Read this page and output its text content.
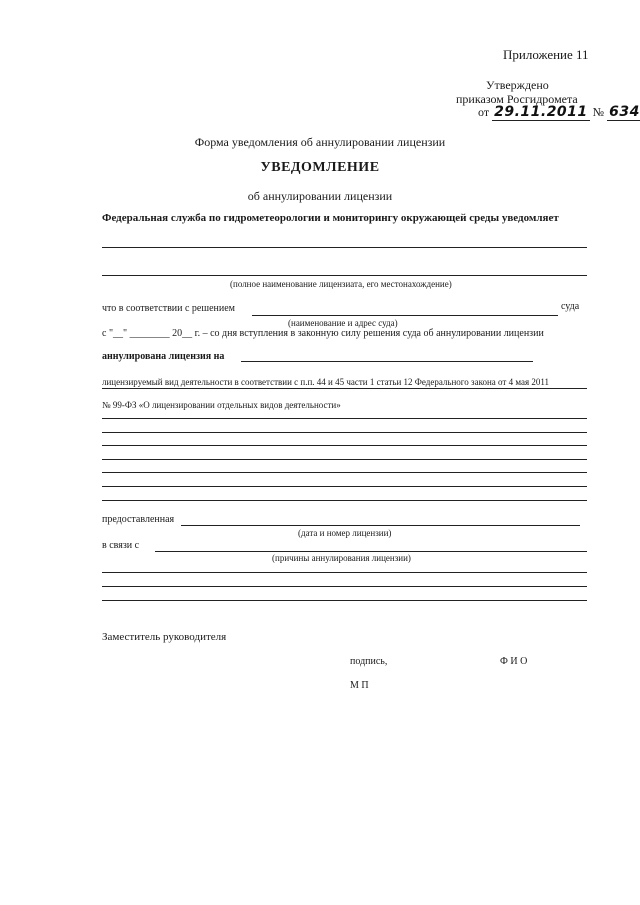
Приложение 11
Утверждено
приказом Росгидромета
от 29.11.2011 № 634
Форма уведомления об аннулировании лицензии
УВЕДОМЛЕНИЕ
об аннулировании лицензии
Федеральная служба по гидрометеорологии и мониторингу окружающей среды уведомляет
(полное наименование лицензиата, его местонахождение)
что в соответствии с решением	суда
(наименование и адрес суда)
с "__" ________ 20__ г. – со дня вступления в законную силу решения суда об аннулировании лицензии
аннулирована лицензия на
лицензируемый вид деятельности в соответствии с п.п. 44 и 45 части 1 статьи 12 Федерального закона от 4 мая 2011
№ 99-ФЗ «О лицензировании отдельных видов деятельности»
предоставленная
(дата и номер лицензии)
в связи с
(причины аннулирования лицензии)
Заместитель руководителя
подпись,	Ф И О
М П
